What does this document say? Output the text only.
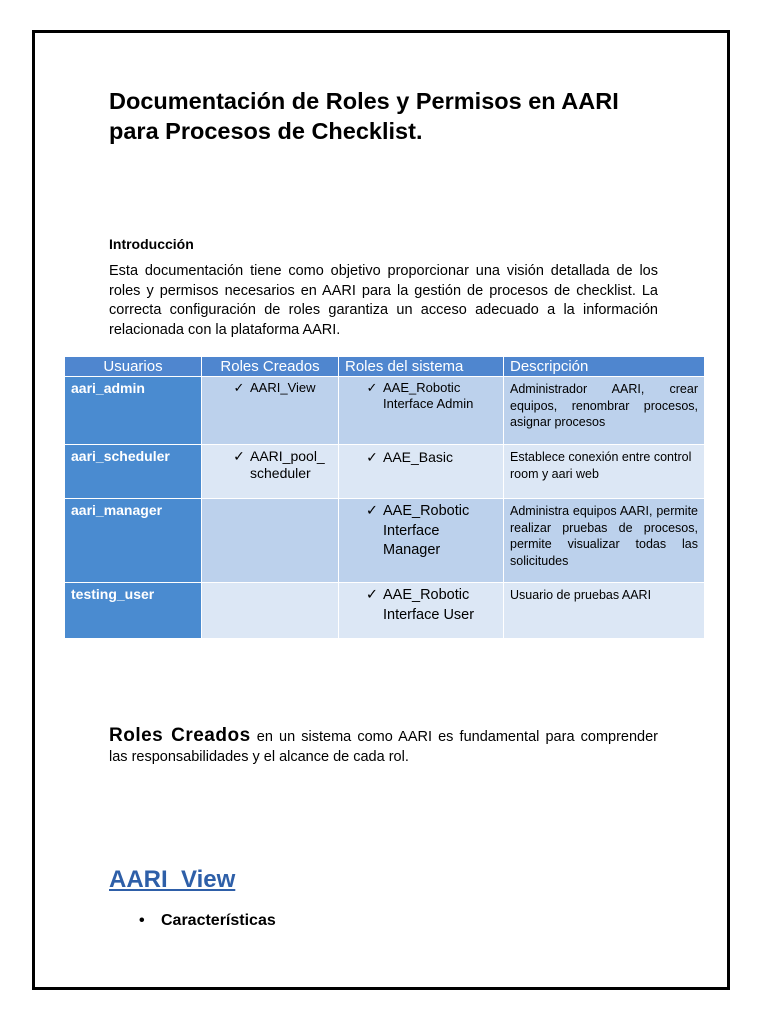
Documentación de Roles y Permisos en AARI para Procesos de Checklist.

Introducción

Esta documentación tiene como objetivo proporcionar una visión detallada de los roles y permisos necesarios en AARI para la gestión de procesos de checklist. La correcta configuración de roles garantiza un acceso adecuado a la información relacionada con la plataforma AARI.

Usuarios	Roles Creados	Roles del sistema	Descripción
aari_admin	✓ AARI_View	✓ AAE_Robotic Interface Admin	Administrador AARI, crear equipos, renombrar procesos, asignar procesos

aari_scheduler	✓ AARI_pool_ scheduler	✓ AAE_Basic	Establece conexión entre control room y aari web

aari_manager		✓ AAE_Robotic Interface Manager	Administra equipos AARI, permite realizar pruebas de procesos, permite visualizar todas las solicitudes

testing_user		✓ AAE_Robotic Interface User	Usuario de pruebas AARI

Roles Creados en un sistema como AARI es fundamental para comprender las responsabilidades y el alcance de cada rol.

AARI_View
•	Características
